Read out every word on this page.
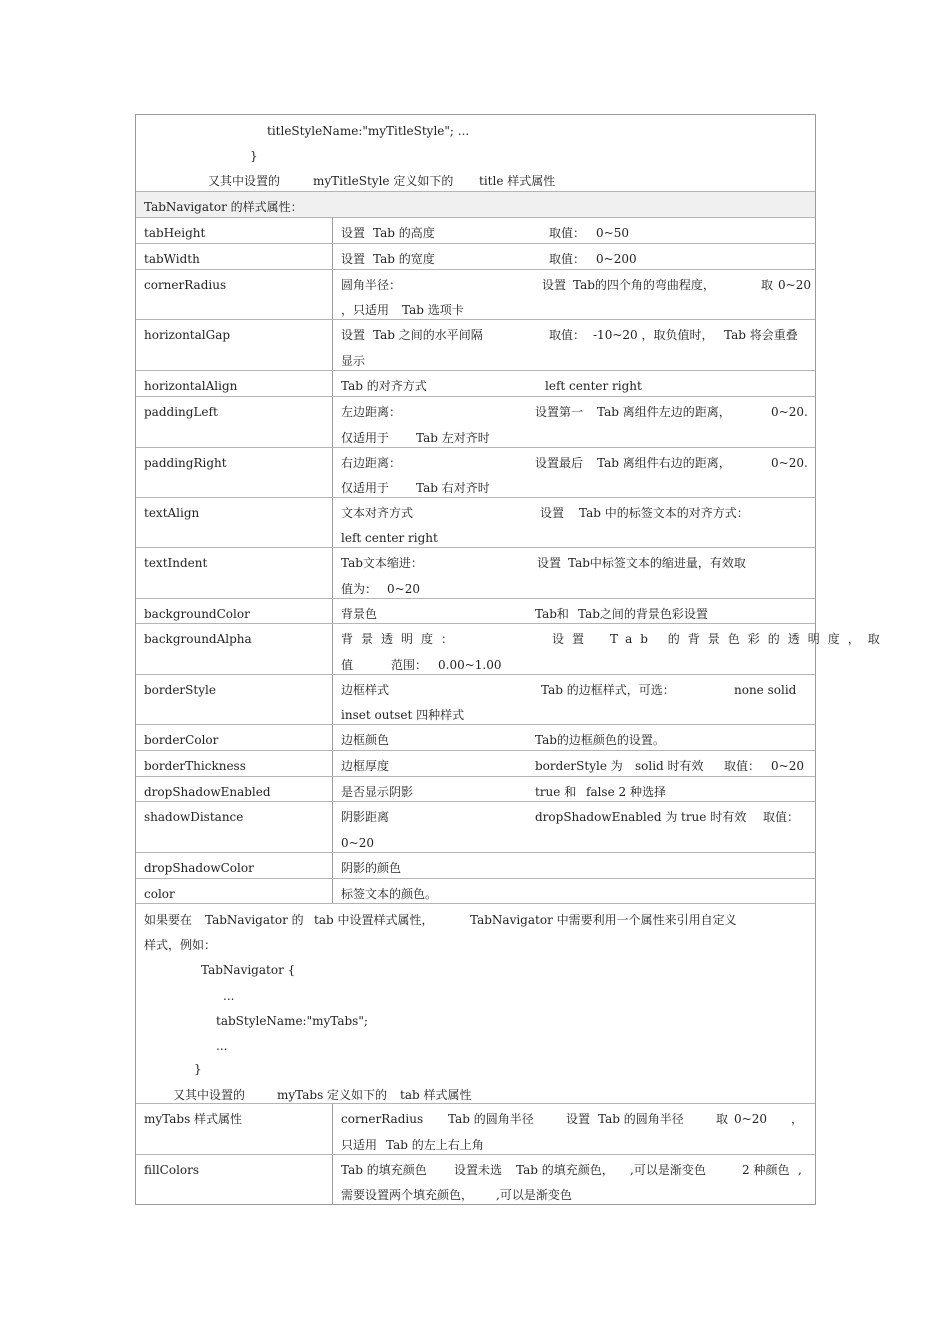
titleStyleName:"myTitleStyle"; ...
}
又其中设置的	myTitleStyle 定义如下的 title 样式属性
TabNavigator 的样式属性：
tabHeight	设置 Tab 的高度	取值： 0~50
tabWidth	设置 Tab 的宽度	取值： 0~200
cornerRadius	圆角半径：	设置 Tab的四个角的弯曲程度，	取 0~20
，只适用 Tab 选项卡
horizontalGap	设置 Tab 之间的水平间隔	取值： -10~20 ，取负值时， Tab 将会重叠
显示
horizontalAlign	Tab 的对齐方式	left center right
paddingLeft	左边距离：	设置第一 Tab 离组件左边的距离，	0~20.
仅适用于 Tab 左对齐时
paddingRight	右边距离：	设置最后 Tab 离组件右边的距离，	0~20.
仅适用于 Tab 右对齐时
textAlign	文本对齐方式	设置 Tab 中的标签文本的对齐方式：
left center right
textIndent	Tab文本缩进：	设置 Tab中标签文本的缩进量，有效取
值为： 0~20
backgroundColor	背景色	Tab和 Tab之间的背景色彩设置
backgroundAlpha	背景透明度：	设置 Tab 的背景色彩的透明度，取
值	范围： 0.00~1.00
borderStyle	边框样式	Tab 的边框样式，可选：	none solid
inset outset 四种样式
borderColor	边框颜色	Tab的边框颜色的设置。
borderThickness	边框厚度	borderStyle 为 solid 时有效 取值： 0~20
dropShadowEnabled	是否显示阴影	true 和 false 2 种选择
shadowDistance	阴影距离	dropShadowEnabled 为 true 时有效 取值：
0~20
dropShadowColor	阴影的颜色
color	标签文本的颜色。
如果要在 TabNavigator 的 tab 中设置样式属性，	TabNavigator 中需要利用一个属性来引用自定义
样式，例如：
TabNavigator {
...
tabStyleName:"myTabs";
...
}
又其中设置的	myTabs 定义如下的 tab 样式属性
myTabs 样式属性	cornerRadius Tab 的圆角半径	设置 Tab 的圆角半径	取 0~20 ，
只适用 Tab 的左上右上角
fillColors	Tab 的填充颜色 设置未选 Tab 的填充颜色， ,可以是渐变色	2 种颜色 ,
需要设置两个填充颜色， ,可以是渐变色
